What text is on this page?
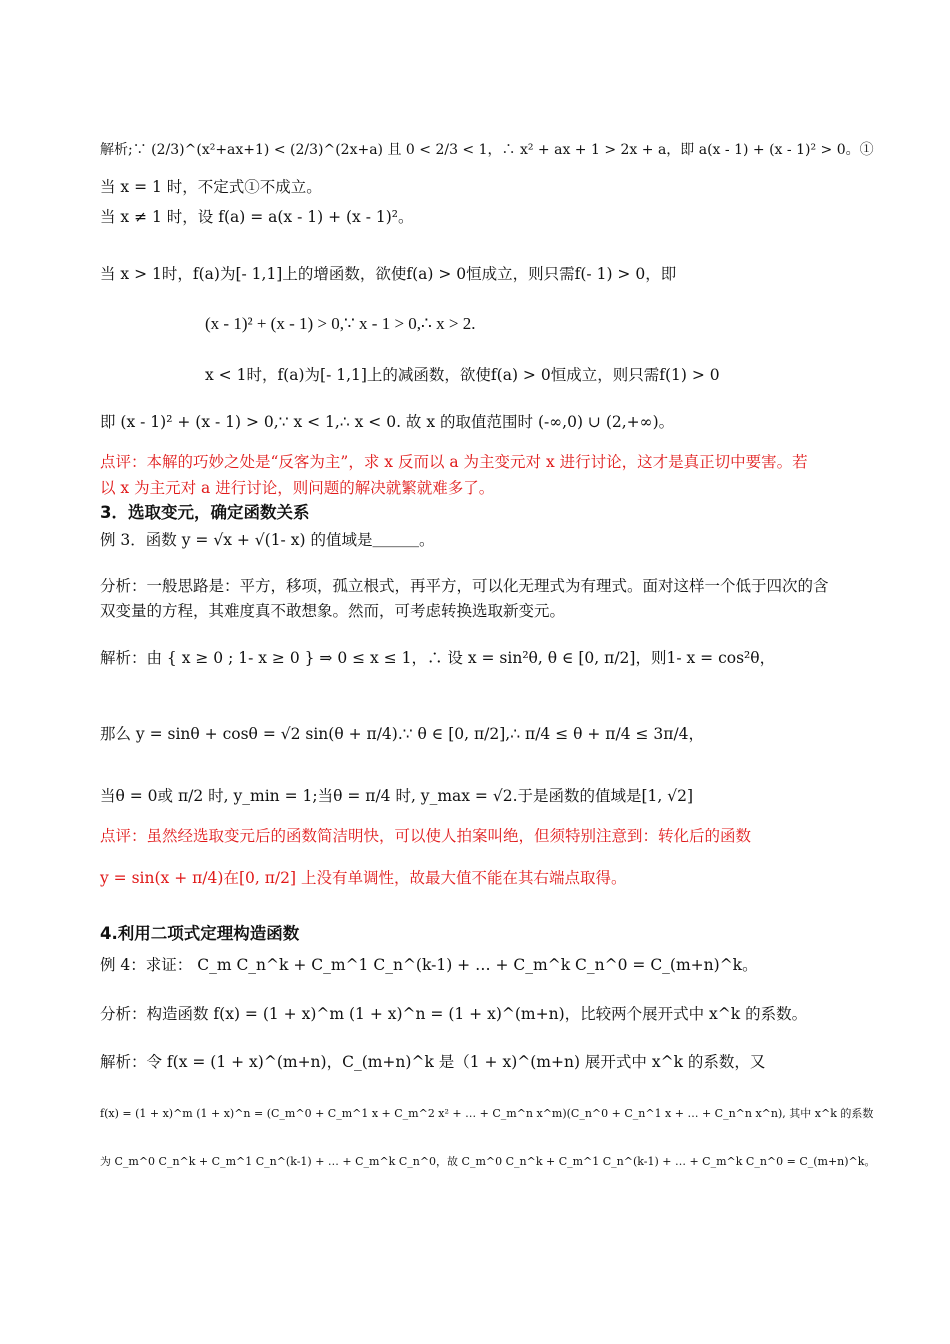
解析;∵ (2/3)^(x²+ax+1) < (2/3)^(2x+a) 且 0 < 2/3 < 1，∴ x² + ax + 1 > 2x + a，即 a(x - 1) + (x - 1)² > 0。①
当 x = 1 时，不定式①不成立。
当 x ≠ 1 时，设 f(a) = a(x - 1) + (x - 1)²。
当 x > 1时，f(a)为[- 1,1]上的增函数，欲使f(a) > 0恒成立，则只需f(- 1) > 0，即
(x - 1)² + (x - 1) > 0,∵ x - 1 > 0,∴ x > 2.
x < 1时，f(a)为[- 1,1]上的减函数，欲使f(a) > 0恒成立，则只需f(1) > 0
即 (x - 1)² + (x - 1) > 0,∵ x < 1,∴ x < 0. 故 x 的取值范围时 (-∞,0) ∪ (2,+∞)。
点评：本解的巧妙之处是“反客为主”，求 x 反而以 a 为主变元对 x 进行讨论，这才是真正切中要害。若
以 x 为主元对 a 进行讨论，则问题的解决就繁就难多了。
3．选取变元，确定函数关系
例 3．函数 y = √x + √(1- x) 的值域是＿＿＿。
分析：一般思路是：平方，移项，孤立根式，再平方，可以化无理式为有理式。面对这样一个低于四次的含
双变量的方程，其难度真不敢想象。然而，可考虑转换选取新变元。
解析：由 { x ≥ 0 ; 1- x ≥ 0 } ⇒ 0 ≤ x ≤ 1，∴ 设 x = sin²θ, θ ∈ [0, π/2]，则1- x = cos²θ，
那么 y = sinθ + cosθ = √2 sin(θ + π/4).∵ θ ∈ [0, π/2],∴ π/4 ≤ θ + π/4 ≤ 3π/4，
当θ = 0或 π/2 时, y_min = 1;当θ = π/4 时, y_max = √2.于是函数的值域是[1, √2]
点评：虽然经选取变元后的函数简洁明快，可以使人拍案叫绝，但须特别注意到：转化后的函数
y = sin(x + π/4)在[0, π/2] 上没有单调性，故最大值不能在其右端点取得。
4.利用二项式定理构造函数
例 4：求证： C_m C_n^k + C_m^1 C_n^(k-1) + … + C_m^k C_n^0 = C_(m+n)^k。
分析：构造函数 f(x) = (1 + x)^m (1 + x)^n = (1 + x)^(m+n)，比较两个展开式中 x^k 的系数。
解析：令 f(x = (1 + x)^(m+n)，C_(m+n)^k 是（1 + x)^(m+n) 展开式中 x^k 的系数，又
f(x) = (1 + x)^m (1 + x)^n = (C_m^0 + C_m^1 x + C_m^2 x² + … + C_m^n x^m)(C_n^0 + C_n^1 x + … + C_n^n x^n), 其中 x^k 的系数
为 C_m^0 C_n^k + C_m^1 C_n^(k-1) + … + C_m^k C_n^0，故 C_m^0 C_n^k + C_m^1 C_n^(k-1) + … + C_m^k C_n^0 = C_(m+n)^k。
